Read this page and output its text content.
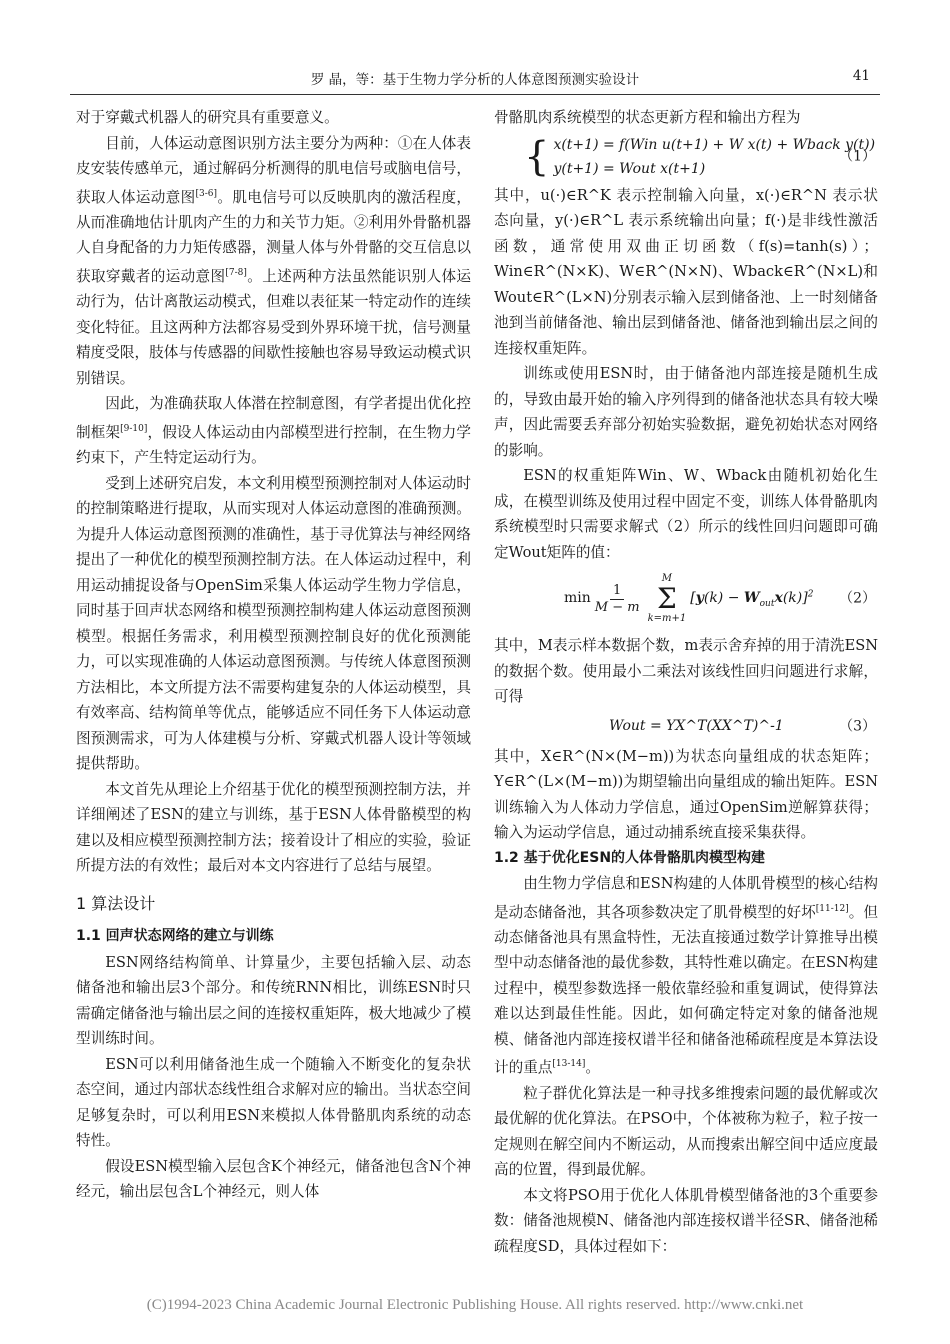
罗 晶，等：基于生物力学分析的人体意图预测实验设计	41

对于穿戴式机器人的研究具有重要意义。

目前，人体运动意图识别方法主要分为两种：①在人体表皮安装传感单元，通过解码分析测得的肌电信号或脑电信号，获取人体运动意图[3-6]。肌电信号可以反映肌肉的激活程度，从而准确地估计肌肉产生的力和关节力矩。②利用外骨骼机器人自身配备的力力矩传感器，测量人体与外骨骼的交互信息以获取穿戴者的运动意图[7-8]。上述两种方法虽然能识别人体运动行为，估计离散运动模式，但难以表征某一特定动作的连续变化特征。且这两种方法都容易受到外界环境干扰，信号测量精度受限，肢体与传感器的间歇性接触也容易导致运动模式识别错误。

因此，为准确获取人体潜在控制意图，有学者提出优化控制框架[9-10]，假设人体运动由内部模型进行控制，在生物力学约束下，产生特定运动行为。

受到上述研究启发，本文利用模型预测控制对人体运动时的控制策略进行提取，从而实现对人体运动意图的准确预测。为提升人体运动意图预测的准确性，基于寻优算法与神经网络提出了一种优化的模型预测控制方法。在人体运动过程中，利用运动捕捉设备与OpenSim采集人体运动学生物力学信息，同时基于回声状态网络和模型预测控制构建人体运动意图预测模型。根据任务需求，利用模型预测控制良好的优化预测能力，可以实现准确的人体运动意图预测。与传统人体意图预测方法相比，本文所提方法不需要构建复杂的人体运动模型，具有效率高、结构简单等优点，能够适应不同任务下人体运动意图预测需求，可为人体建模与分析、穿戴式机器人设计等领域提供帮助。

本文首先从理论上介绍基于优化的模型预测控制方法，并详细阐述了ESN的建立与训练，基于ESN人体骨骼模型的构建以及相应模型预测控制方法；接着设计了相应的实验，验证所提方法的有效性；最后对本文内容进行了总结与展望。

1 算法设计

1.1 回声状态网络的建立与训练

ESN网络结构简单、计算量少，主要包括输入层、动态储备池和输出层3个部分。和传统RNN相比，训练ESN时只需确定储备池与输出层之间的连接权重矩阵，极大地减少了模型训练时间。

ESN可以利用储备池生成一个随输入不断变化的复杂状态空间，通过内部状态线性组合求解对应的输出。当状态空间足够复杂时，可以利用ESN来模拟人体骨骼肌肉系统的动态特性。

假设ESN模型输入层包含K个神经元，储备池包含N个神经元，输出层包含L个神经元，则人体

骨骼肌肉系统模型的状态更新方程和输出方程为

{ x(t+1) = f(Win u(t+1) + W x(t) + Wback y(t))
y(t+1) = Wout x(t+1)
（1）

其中，u(·)∈R^K 表示控制输入向量，x(·)∈R^N 表示状态向量，y(·)∈R^L 表示系统输出向量；f(·)是非线性激活函数，通常使用双曲正切函数（f(s)=tanh(s)）；Win∈R^(N×K)、W∈R^(N×N)、Wback∈R^(N×L)和Wout∈R^(L×N)分别表示输入层到储备池、上一时刻储备池到当前储备池、输出层到储备池、储备池到输出层之间的连接权重矩阵。

训练或使用ESN时，由于储备池内部连接是随机生成的，导致由最开始的输入序列得到的储备池状态具有较大噪声，因此需要丢弃部分初始实验数据，避免初始状态对网络的影响。

ESN的权重矩阵Win、W、Wback由随机初始化生成，在模型训练及使用过程中固定不变，训练人体骨骼肌肉系统模型时只需要求解式（2）所示的线性回归问题即可确定Wout矩阵的值：

$\min \frac{1}{M - m}$
M
Σ
k=m+1
$[y(k) - W_{out}x(k)]^2$ （2）

其中，M表示样本数据个数，m表示舍弃掉的用于清洗ESN的数据个数。使用最小二乘法对该线性回归问题进行求解，可得

Wout = YX^T(XX^T)^-1	（3）

其中，X∈R^(N×(M−m))为状态向量组成的状态矩阵；Y∈R^(L×(M−m))为期望输出向量组成的输出矩阵。ESN训练输入为人体动力学信息，通过OpenSim逆解算获得；输入为运动学信息，通过动捕系统直接采集获得。

1.2 基于优化ESN的人体骨骼肌肉模型构建

由生物力学信息和ESN构建的人体肌骨模型的核心结构是动态储备池，其各项参数决定了肌骨模型的好坏[11-12]。但动态储备池具有黑盒特性，无法直接通过数学计算推导出模型中动态储备池的最优参数，其特性难以确定。在ESN构建过程中，模型参数选择一般依靠经验和重复调试，使得算法难以达到最佳性能。因此，如何确定特定对象的储备池规模、储备池内部连接权谱半径和储备池稀疏程度是本算法设计的重点[13-14]。

粒子群优化算法是一种寻找多维搜索问题的最优解或次最优解的优化算法。在PSO中，个体被称为粒子，粒子按一定规则在解空间内不断运动，从而搜索出解空间中适应度最高的位置，得到最优解。

本文将PSO用于优化人体肌骨模型储备池的3个重要参数：储备池规模N、储备池内部连接权谱半径SR、储备池稀疏程度SD，具体过程如下：

(C)1994-2023 China Academic Journal Electronic Publishing House. All rights reserved. http://www.cnki.net
